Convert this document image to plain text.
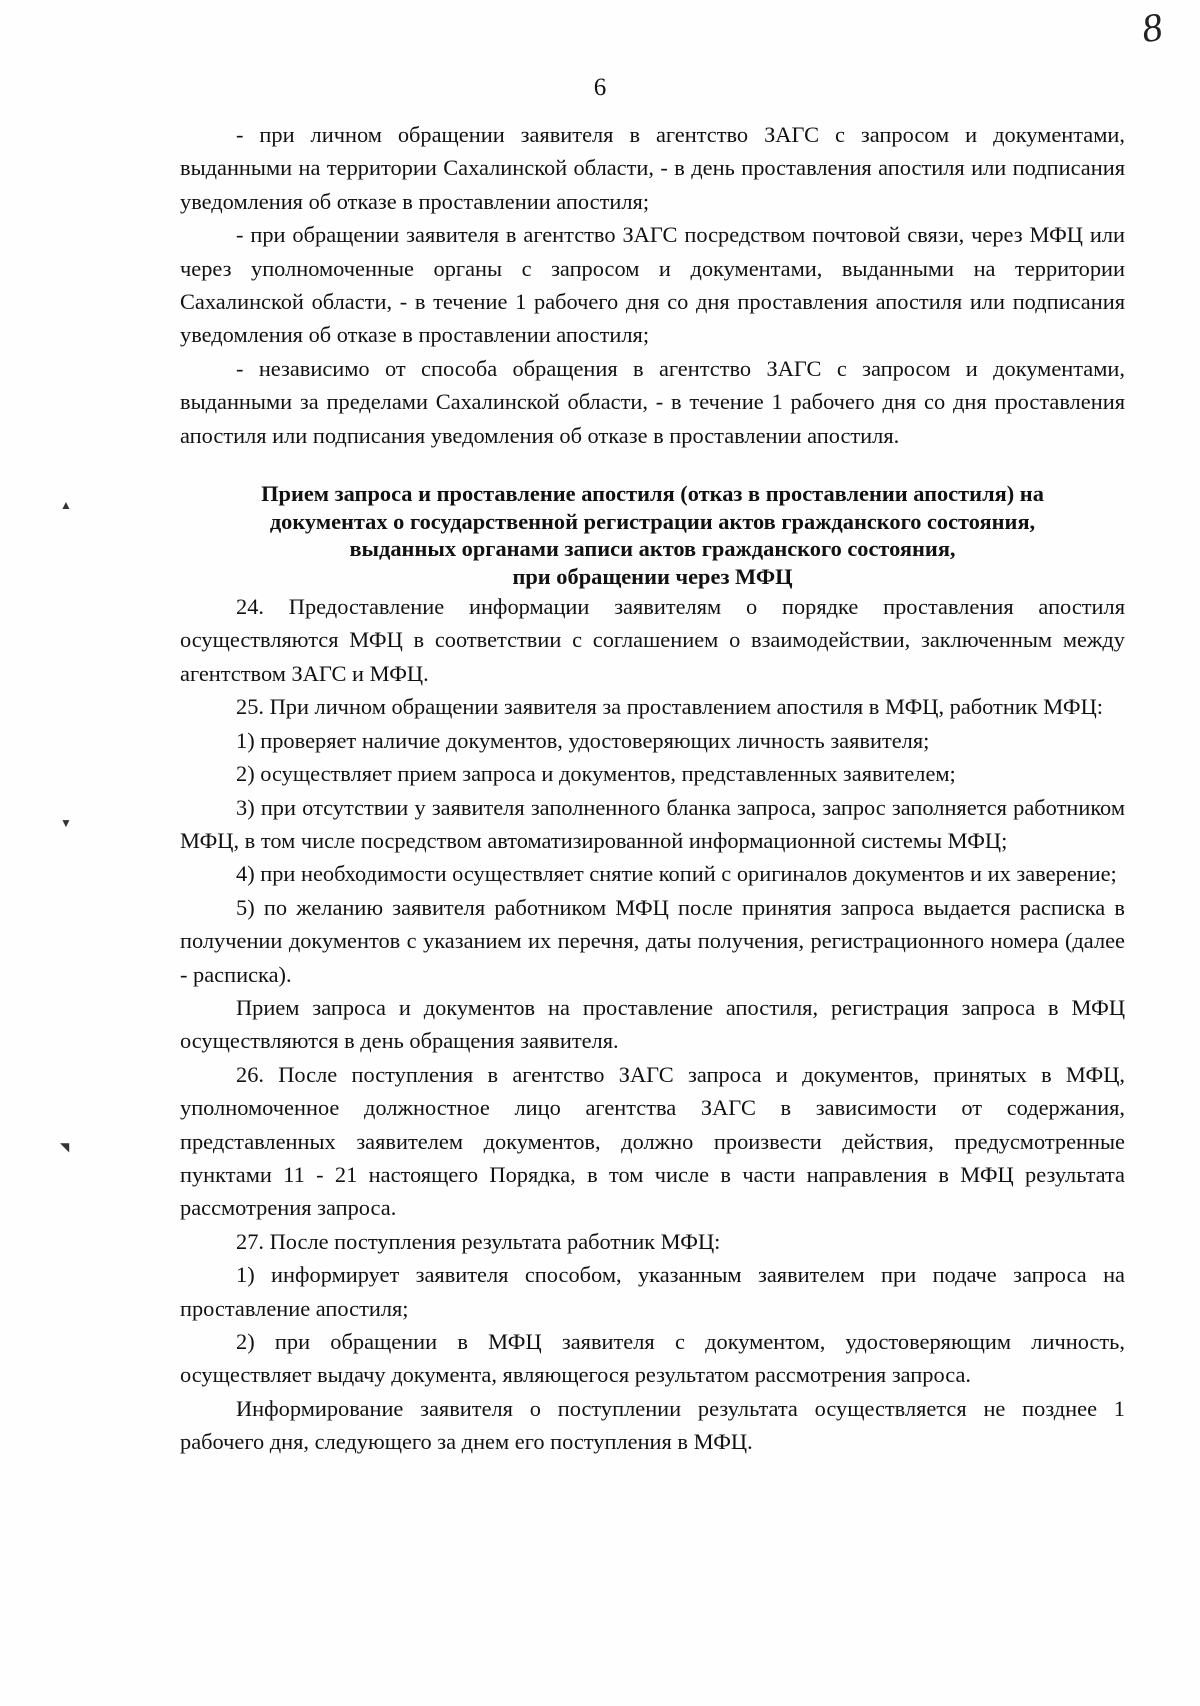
8
6
▲
▼
◥

- при личном обращении заявителя в агентство ЗАГС с запросом и документами, выданными на территории Сахалинской области, - в день проставления апостиля или подписания уведомления об отказе в проставлении апостиля;

- при обращении заявителя в агентство ЗАГС посредством почтовой связи, через МФЦ или через уполномоченные органы с запросом и документами, выданными на территории Сахалинской области, - в течение 1 рабочего дня со дня проставления апостиля или подписания уведомления об отказе в проставлении апостиля;

- независимо от способа обращения в агентство ЗАГС с запросом и документами, выданными за пределами Сахалинской области, - в течение 1 рабочего дня со дня проставления апостиля или подписания уведомления об отказе в проставлении апостиля.

Прием запроса и проставление апостиля (отказ в проставлении апостиля) на
документах о государственной регистрации актов гражданского состояния,
выданных органами записи актов гражданского состояния,
при обращении через МФЦ

24. Предоставление информации заявителям о порядке проставления апостиля осуществляются МФЦ в соответствии с соглашением о взаимодействии, заключенным между агентством ЗАГС и МФЦ.

25. При личном обращении заявителя за проставлением апостиля в МФЦ, работник МФЦ:

1) проверяет наличие документов, удостоверяющих личность заявителя;

2) осуществляет прием запроса и документов, представленных заявителем;

3) при отсутствии у заявителя заполненного бланка запроса, запрос заполняется работником МФЦ, в том числе посредством автоматизированной информационной системы МФЦ;

4) при необходимости осуществляет снятие копий с оригиналов документов и их заверение;

5) по желанию заявителя работником МФЦ после принятия запроса выдается расписка в получении документов с указанием их перечня, даты получения, регистрационного номера (далее - расписка).

Прием запроса и документов на проставление апостиля, регистрация запроса в МФЦ осуществляются в день обращения заявителя.

26. После поступления в агентство ЗАГС запроса и документов, принятых в МФЦ, уполномоченное должностное лицо агентства ЗАГС в зависимости от содержания, представленных заявителем документов, должно произвести действия, предусмотренные пунктами 11 - 21 настоящего Порядка, в том числе в части направления в МФЦ результата рассмотрения запроса.

27. После поступления результата работник МФЦ:

1) информирует заявителя способом, указанным заявителем при подаче запроса на проставление апостиля;

2) при обращении в МФЦ заявителя с документом, удостоверяющим личность, осуществляет выдачу документа, являющегося результатом рассмотрения запроса.

Информирование заявителя о поступлении результата осуществляется не позднее 1 рабочего дня, следующего за днем его поступления в МФЦ.
